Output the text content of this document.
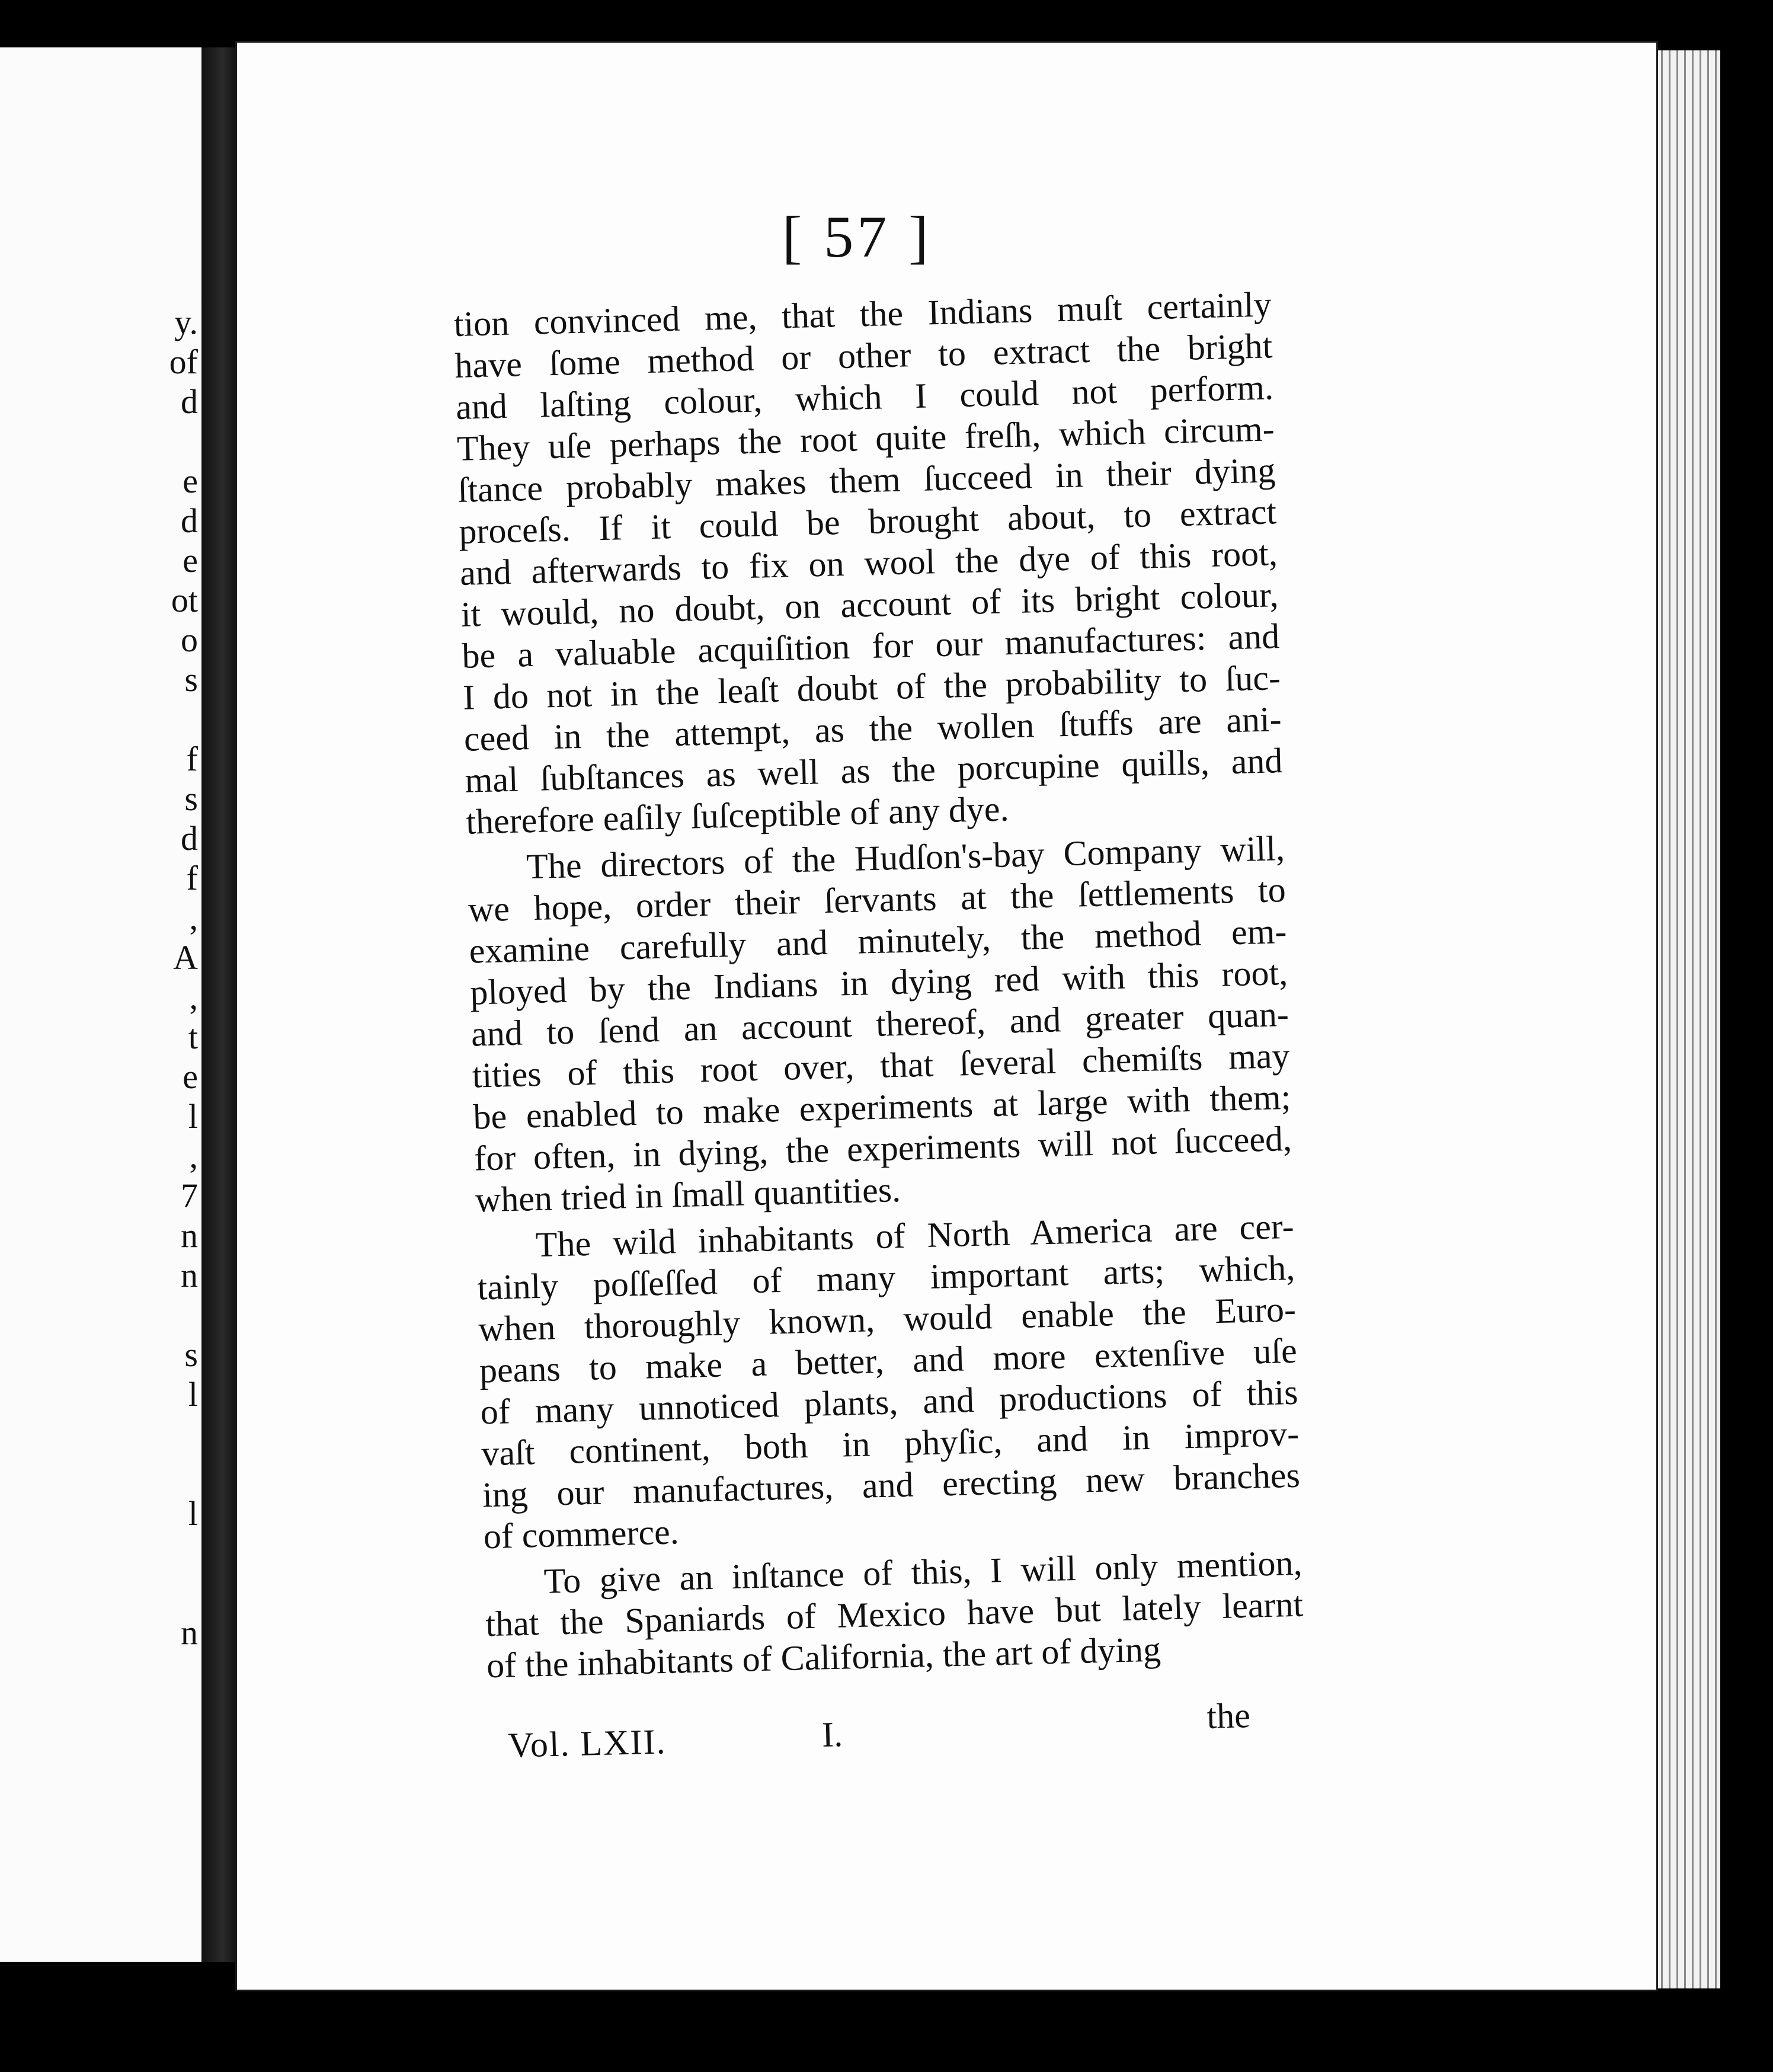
y.
of
d

e
d
e
ot
o
s

f
s
d
f
,
A
,
t
e
l
,
7
n
n

s
l

l

n
[ 57 ]
tion convinced me, that the Indians muſt certainly
have ſome method or other to extract the bright
and laſting colour, which I could not perform.
They uſe perhaps the root quite freſh, which circum-
ſtance probably makes them ſucceed in their dying
proceſs. If it could be brought about, to extract
and afterwards to fix on wool the dye of this root,
it would, no doubt, on account of its bright colour,
be a valuable acquiſition for our manufactures: and
I do not in the leaſt doubt of the probability to ſuc-
ceed in the attempt, as the wollen ſtuffs are ani-
mal ſubſtances as well as the porcupine quills, and
therefore eaſily ſuſceptible of any dye.
The directors of the Hudſon's-bay Company will,
we hope, order their ſervants at the ſettlements to
examine carefully and minutely, the method em-
ployed by the Indians in dying red with this root,
and to ſend an account thereof, and greater quan-
tities of this root over, that ſeveral chemiſts may
be enabled to make experiments at large with them;
for often, in dying, the experiments will not ſucceed,
when tried in ſmall quantities.
The wild inhabitants of North America are cer-
tainly poſſeſſed of many important arts; which,
when thoroughly known, would enable the Euro-
peans to make a better, and more extenſive uſe
of many unnoticed plants, and productions of this
vaſt continent, both in phyſic, and in improv-
ing our manufactures, and erecting new branches
of commerce.
To give an inſtance of this, I will only mention,
that the Spaniards of Mexico have but lately learnt
of the inhabitants of California, the art of dying
Vol. LXII.	I.	the
